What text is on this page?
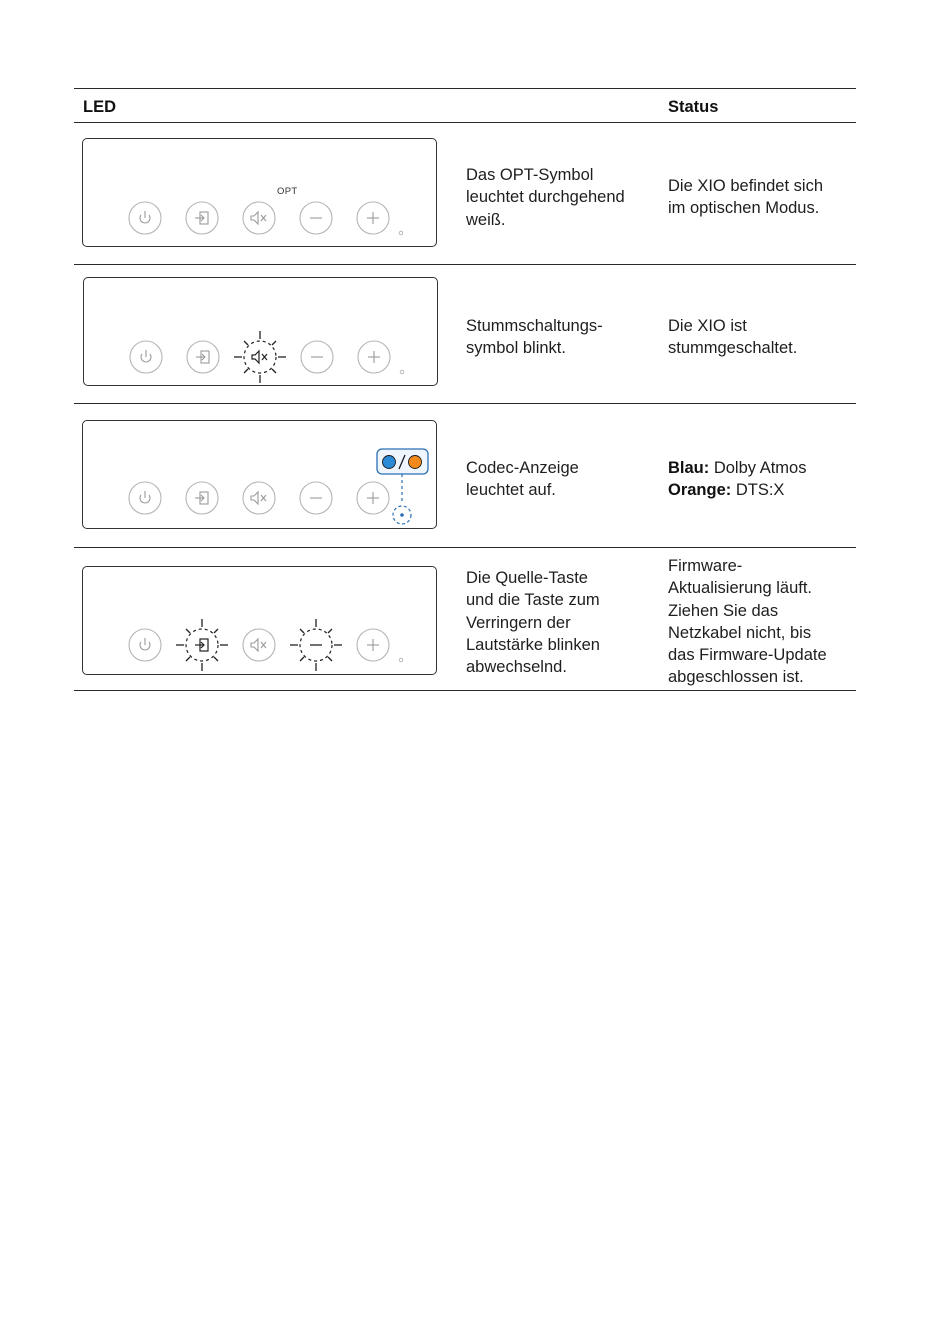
LED	Status
OPT
Das OPT-Symbol
leuchtet durchgehend
weiß.
Die XIO befindet sich
im optischen Modus.
Stummschaltungs-
symbol blinkt.
Die XIO ist
stummgeschaltet.
Codec-Anzeige
leuchtet auf.
Blau: Dolby Atmos
Orange: DTS:X
Die Quelle-Taste
und die Taste zum
Verringern der
Lautstärke blinken
abwechselnd.
Firmware-
Aktualisierung läuft.
Ziehen Sie das
Netzkabel nicht, bis
das Firmware-Update
abgeschlossen ist.
